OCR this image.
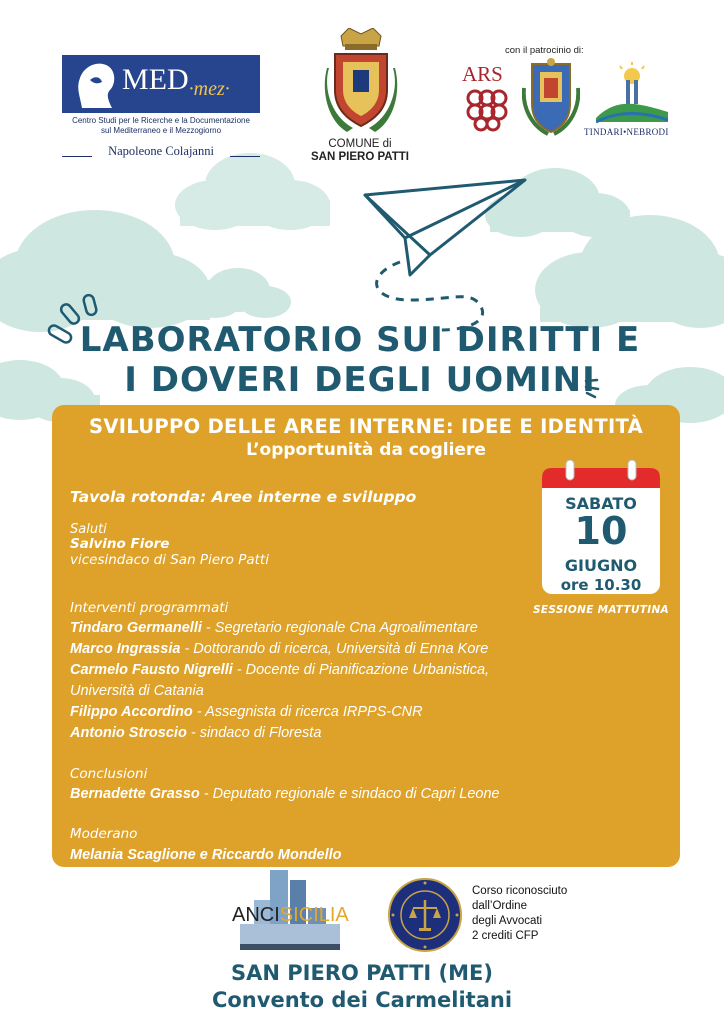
$MED_{\cdot mez\cdot}$
Centro Studi per le Ricerche e la Documentazione
sul Mediterraneo e il Mezzogiorno
Napoleone Colajanni	COMUNE di
SAN PIERO PATTI
con il patrocinio di:
ARS
TINDARI•NEBRODI
LABORATORIO SUI DIRITTI E
I DOVERI DEGLI UOMINI
SVILUPPO DELLE AREE INTERNE: IDEE E IDENTITÀ
L’opportunità da cogliere
Tavola rotonda: Aree interne e sviluppo
Saluti
Salvino Fiore
vicesindaco di San Piero Patti
Interventi programmati
Tindaro Germanelli - Segretario regionale Cna Agroalimentare
Marco Ingrassia - Dottorando di ricerca, Università di Enna Kore
Carmelo Fausto Nigrelli - Docente di Pianificazione Urbanistica,
Università di Catania
Filippo Accordino - Assegnista di ricerca IRPPS-CNR
Antonio Stroscio - sindaco di Floresta
Conclusioni
Bernadette Grasso - Deputato regionale e sindaco di Capri Leone
Moderano
Melania Scaglione e Riccardo Mondello
SABATO
10
GIUGNO
ore 10.30
SESSIONE MATTUTINA
ANCISICILIA
Corso riconosciuto
dall’Ordine
degli Avvocati
2 crediti CFP
SAN PIERO PATTI (ME)
Convento dei Carmelitani
